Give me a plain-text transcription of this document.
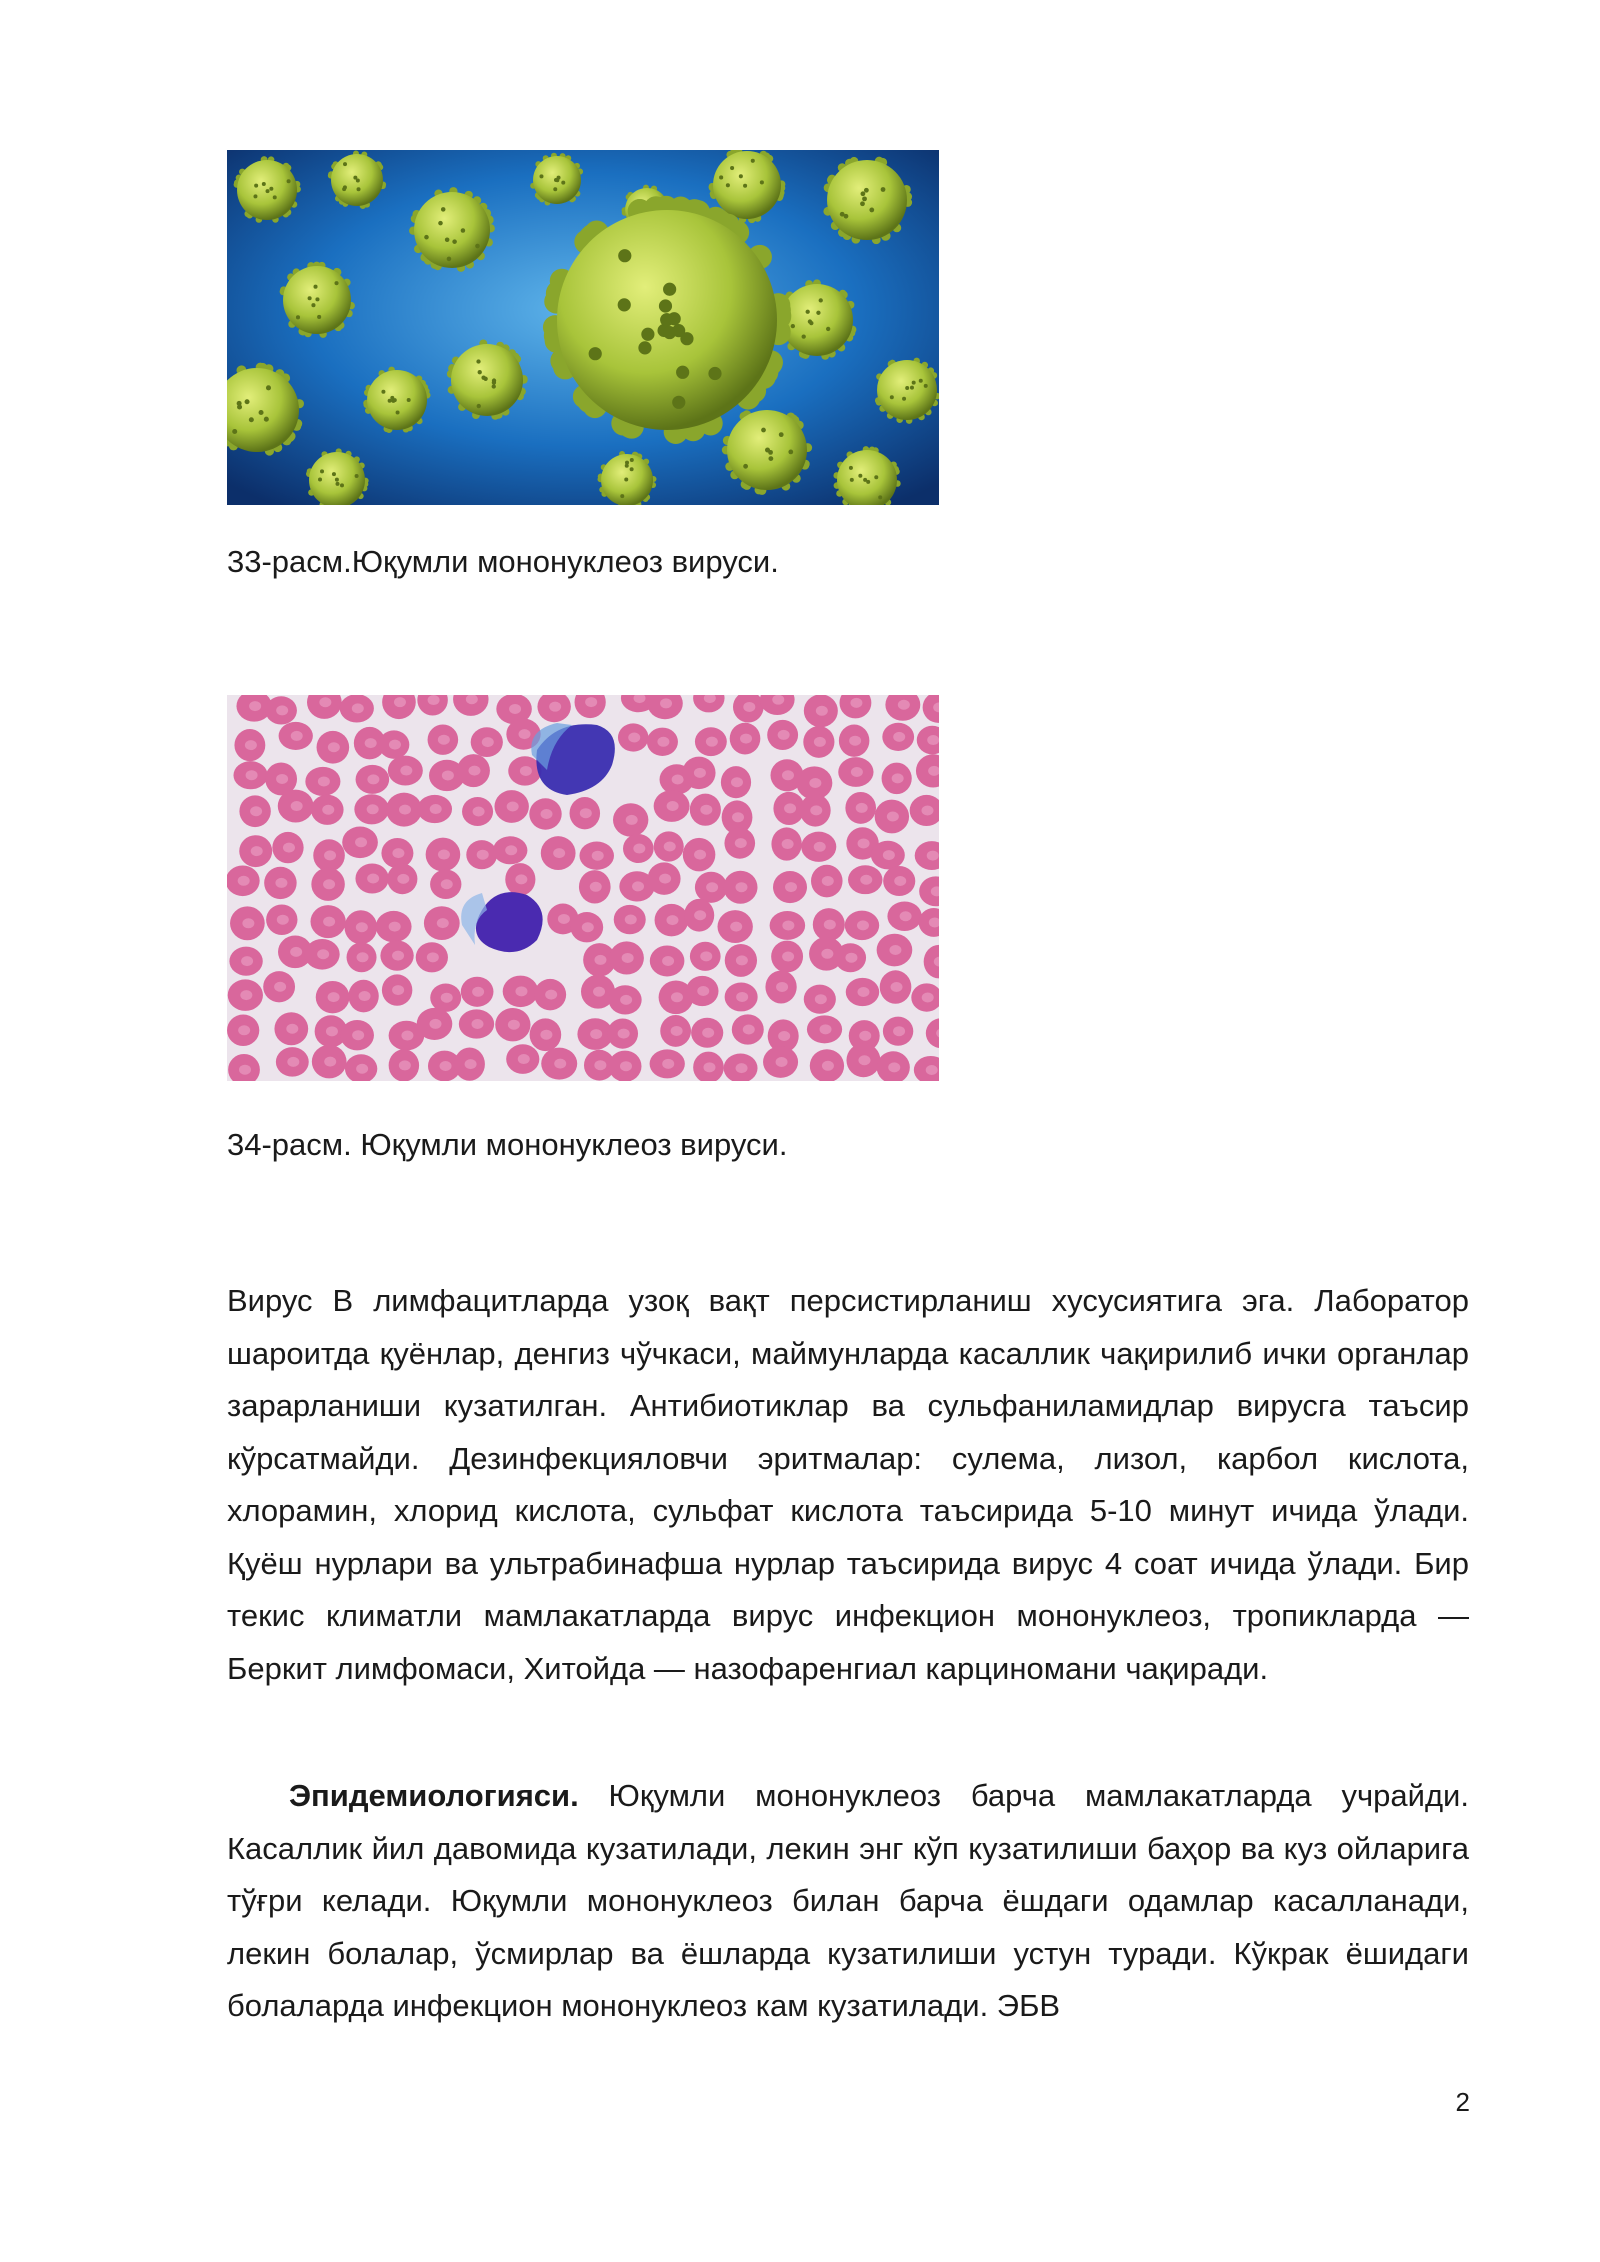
33-расм.Юқумли мононуклеоз вируси.
34-расм. Юқумли мононуклеоз вируси.

Вирус В лимфацитларда узоқ вақт персистирланиш хусусиятига эга. Лаборатор шароитда қуёнлар, денгиз чўчкаси, маймунларда касаллик чақирилиб ички органлар зарарланиши кузатилган. Антибиотиклар ва сульфаниламидлар вирусга таъсир кўрсатмайди. Дезинфекцияловчи эритмалар: сулема, лизол, карбол кислота, хлорамин, хлорид кислота, сульфат кислота таъсирида 5-10 минут ичида ўлади. Қуёш нурлари ва ультрабинафша нурлар таъсирида вирус 4 соат ичида ўлади. Бир текис климатли мамлакатларда вирус инфекцион мононуклеоз, тропикларда — Беркит лимфомаси, Хитойда — назофаренгиал карциномани чақиради.

Эпидемиологияси. Юқумли мононуклеоз барча мамлакатларда учрайди. Касаллик йил давомида кузатилади, лекин энг кўп кузатилиши баҳор ва куз ойларига тўғри келади. Юқумли мононуклеоз билан барча ёшдаги одамлар касалланади, лекин болалар, ўсмирлар ва ёшларда кузатилиши устун туради. Кўкрак ёшидаги болаларда инфекцион мононуклеоз кам кузатилади. ЭБВ

2
